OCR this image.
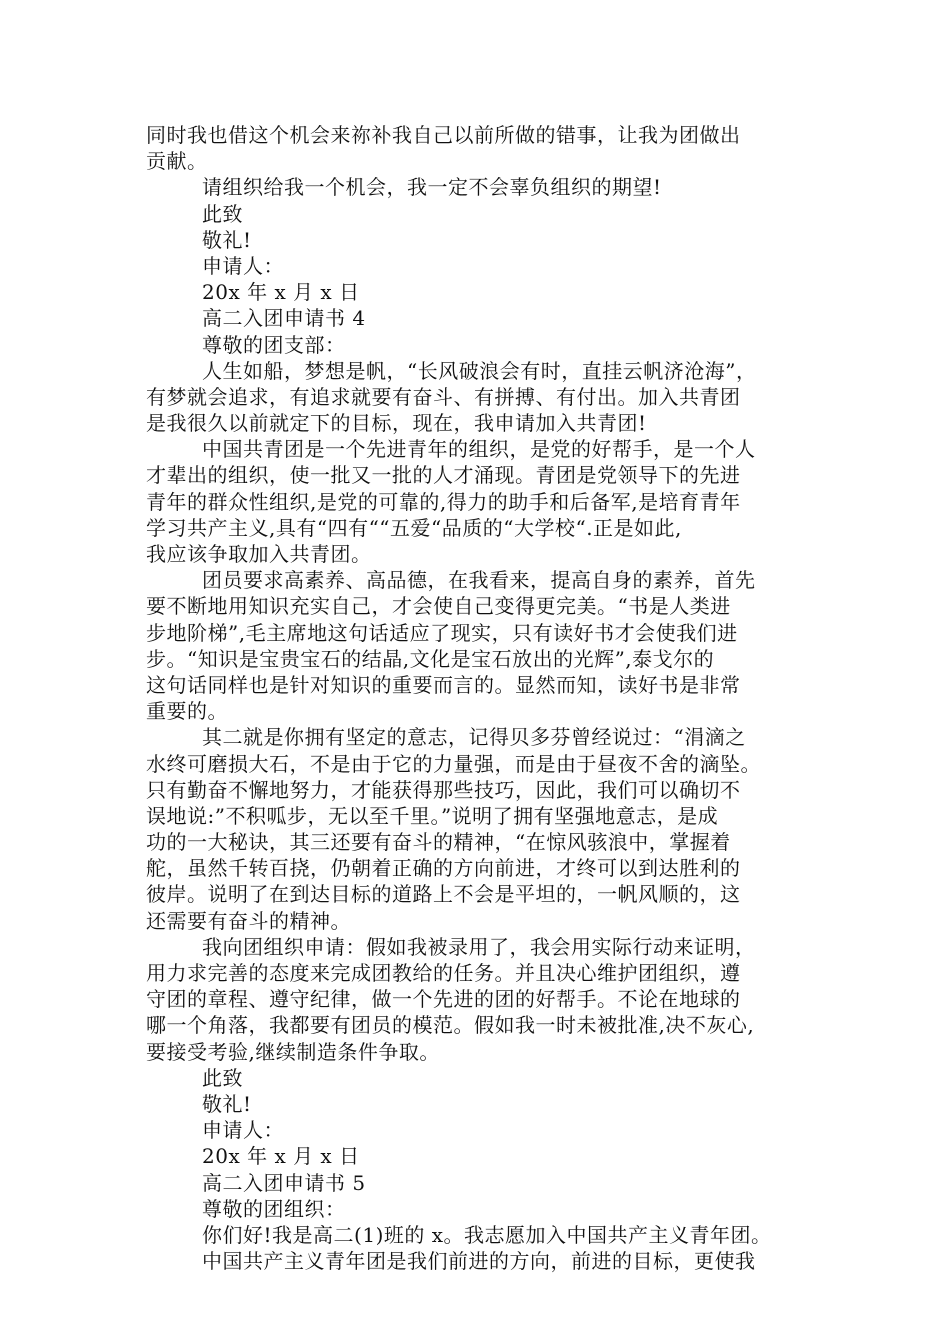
同时我也借这个机会来祢补我自己以前所做的错事，让我为团做出
贡献。
请组织给我一个机会，我一定不会辜负组织的期望!
此致
敬礼!
申请人：
20x 年 x 月 x 日
高二入团申请书 4
尊敬的团支部：
人生如船，梦想是帆，“长风破浪会有时，直挂云帆济沧海”，
有梦就会追求，有追求就要有奋斗、有拼搏、有付出。加入共青团
是我很久以前就定下的目标，现在，我申请加入共青团!
中国共青团是一个先进青年的组织，是党的好帮手，是一个人
才辈出的组织，使一批又一批的人才涌现。青团是党领导下的先进
青年的群众性组织,是党的可靠的,得力的助手和后备军,是培育青年
学习共产主义,具有“四有““五爱“品质的“大学校“.正是如此,
我应该争取加入共青团。
团员要求高素养、高品德，在我看来，提高自身的素养，首先
要不断地用知识充实自己，才会使自己变得更完美。“书是人类进
步地阶梯”,毛主席地这句话适应了现实，只有读好书才会使我们进
步。“知识是宝贵宝石的结晶,文化是宝石放出的光辉”,泰戈尔的
这句话同样也是针对知识的重要而言的。显然而知，读好书是非常
重要的。
其二就是你拥有坚定的意志，记得贝多芬曾经说过：“涓滴之
水终可磨损大石，不是由于它的力量强，而是由于昼夜不舍的滴坠。
只有勤奋不懈地努力，才能获得那些技巧，因此，我们可以确切不
误地说:”不积呱步，无以至千里。”说明了拥有坚强地意志，是成
功的一大秘诀，其三还要有奋斗的精神，“在惊风骇浪中，掌握着
舵，虽然千转百挠，仍朝着正确的方向前进，才终可以到达胜利的
彼岸。说明了在到达目标的道路上不会是平坦的，一帆风顺的，这
还需要有奋斗的精神。
我向团组织申请：假如我被录用了，我会用实际行动来证明，
用力求完善的态度来完成团教给的任务。并且决心维护团组织，遵
守团的章程、遵守纪律，做一个先进的团的好帮手。不论在地球的
哪一个角落，我都要有团员的模范。假如我一时未被批准,决不灰心,
要接受考验,继续制造条件争取。
此致
敬礼!
申请人：
20x 年 x 月 x 日
高二入团申请书 5
尊敬的团组织：
你们好!我是高二(1)班的 x。我志愿加入中国共产主义青年团。
中国共产主义青年团是我们前进的方向，前进的目标，更使我
